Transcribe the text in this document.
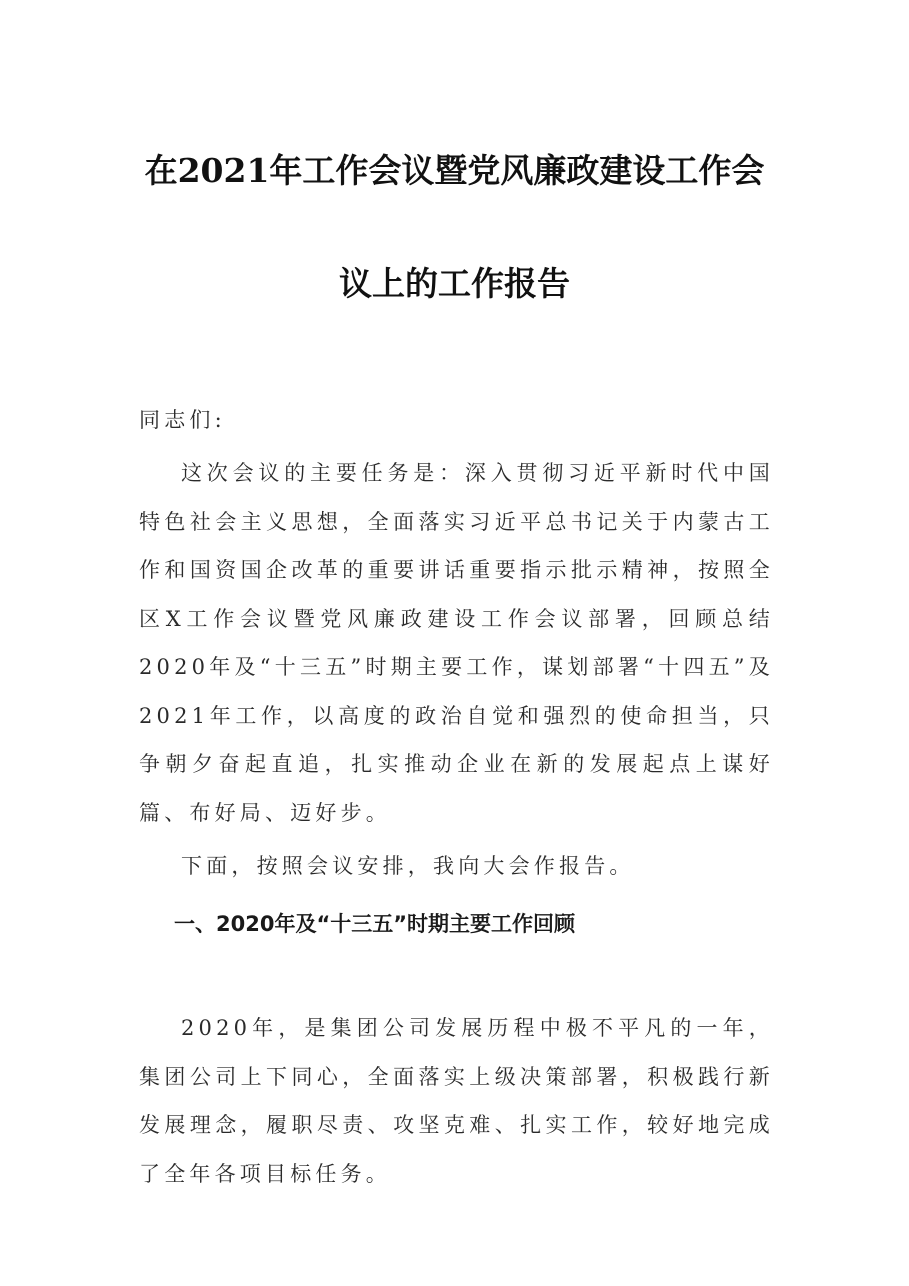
在2021年工作会议暨党风廉政建设工作会
议上的工作报告

同志们:

这次会议的主要任务是：深入贯彻习近平新时代中国特色社会主义思想，全面落实习近平总书记关于内蒙古工作和国资国企改革的重要讲话重要指示批示精神，按照全区X工作会议暨党风廉政建设工作会议部署，回顾总结2020年及“十三五”时期主要工作，谋划部署“十四五”及2021年工作，以高度的政治自觉和强烈的使命担当，只争朝夕奋起直追，扎实推动企业在新的发展起点上谋好篇、布好局、迈好步。

下面，按照会议安排，我向大会作报告。

一、2020年及“十三五”时期主要工作回顾

2020年，是集团公司发展历程中极不平凡的一年，集团公司上下同心，全面落实上级决策部署，积极践行新发展理念，履职尽责、攻坚克难、扎实工作，较好地完成了全年各项目标任务。
